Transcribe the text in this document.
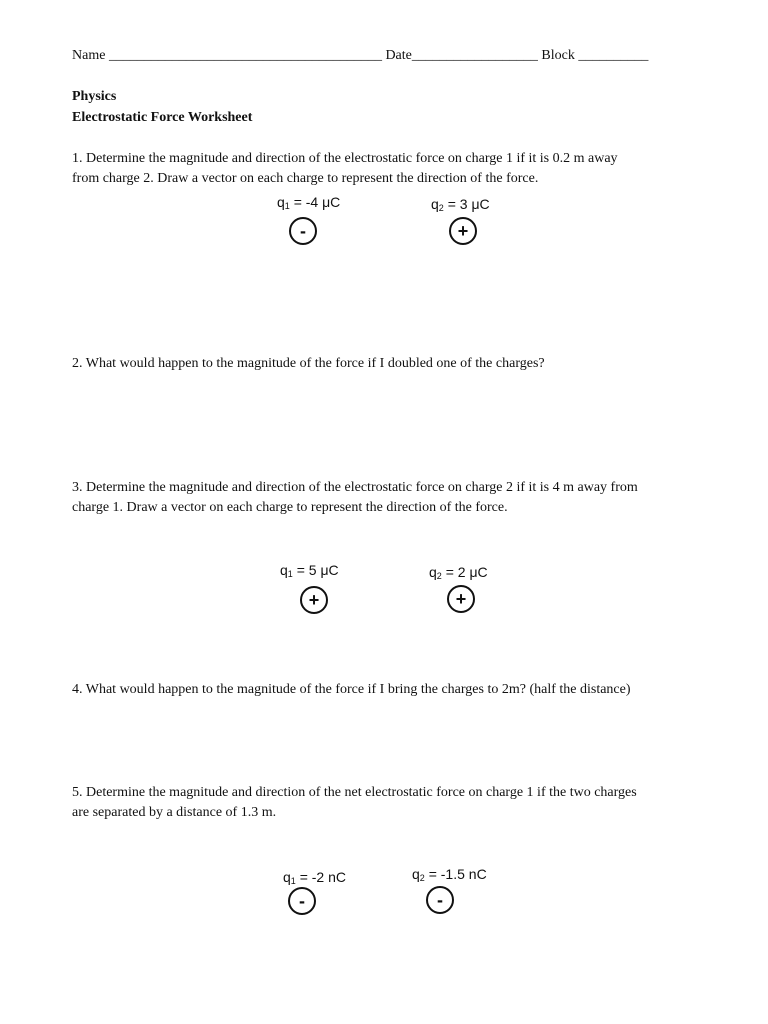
Name _______________________________________ Date__________________ Block __________
Physics
Electrostatic Force Worksheet
1. Determine the magnitude and direction of the electrostatic force on charge 1 if it is 0.2 m away
from charge 2. Draw a vector on each charge to represent the direction of the force.
$q_1 = -4$ μC
-
$q_2 = 3$ μC
+
2. What would happen to the magnitude of the force if I doubled one of the charges?
3. Determine the magnitude and direction of the electrostatic force on charge 2 if it is 4 m away from
charge 1. Draw a vector on each charge to represent the direction of the force.
$q_1 = 5$ μC
+
$q_2 = 2$ μC
+
4. What would happen to the magnitude of the force if I bring the charges to 2m? (half the distance)
5. Determine the magnitude and direction of the net electrostatic force on charge 1 if the two charges
are separated by a distance of 1.3 m.
$q_1 = -2$ nC
-
$q_2 = -1.5$ nC
-
